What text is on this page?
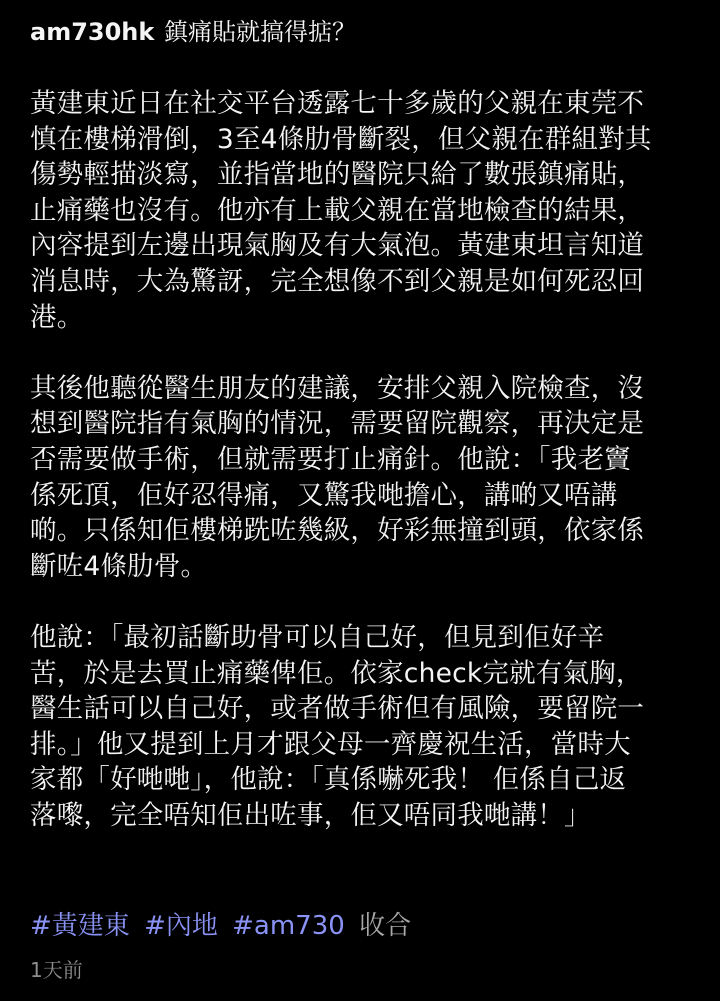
am730hk 鎮痛貼就搞得掂？
黃建東近日在社交平台透露七十多歲的父親在東莞不
慎在樓梯滑倒，3至4條肋骨斷裂，但父親在群組對其
傷勢輕描淡寫，並指當地的醫院只給了數張鎮痛貼，
止痛藥也沒有。他亦有上載父親在當地檢查的結果，
內容提到左邊出現氣胸及有大氣泡。黃建東坦言知道
消息時，大為驚訝，完全想像不到父親是如何死忍回
港。
其後他聽從醫生朋友的建議，安排父親入院檢查，沒
想到醫院指有氣胸的情況，需要留院觀察，再決定是
否需要做手術，但就需要打止痛針。他說：「我老竇
係死頂，佢好忍得痛，又驚我哋擔心，講啲又唔講
啲。只係知佢樓梯跣咗幾級，好彩無撞到頭，依家係
斷咗4條肋骨。
他說：「最初話斷助骨可以自己好，但見到佢好辛
苦，於是去買止痛藥俾佢。依家check完就有氣胸，
醫生話可以自己好，或者做手術但有風險，要留院一
排。」他又提到上月才跟父母一齊慶祝生活，當時大
家都「好哋哋」，他說：「真係嚇死我！ 佢係自己返
落嚟，完全唔知佢出咗事，佢又唔同我哋講！」
#黃建東 #內地 #am730 收合
1天前
